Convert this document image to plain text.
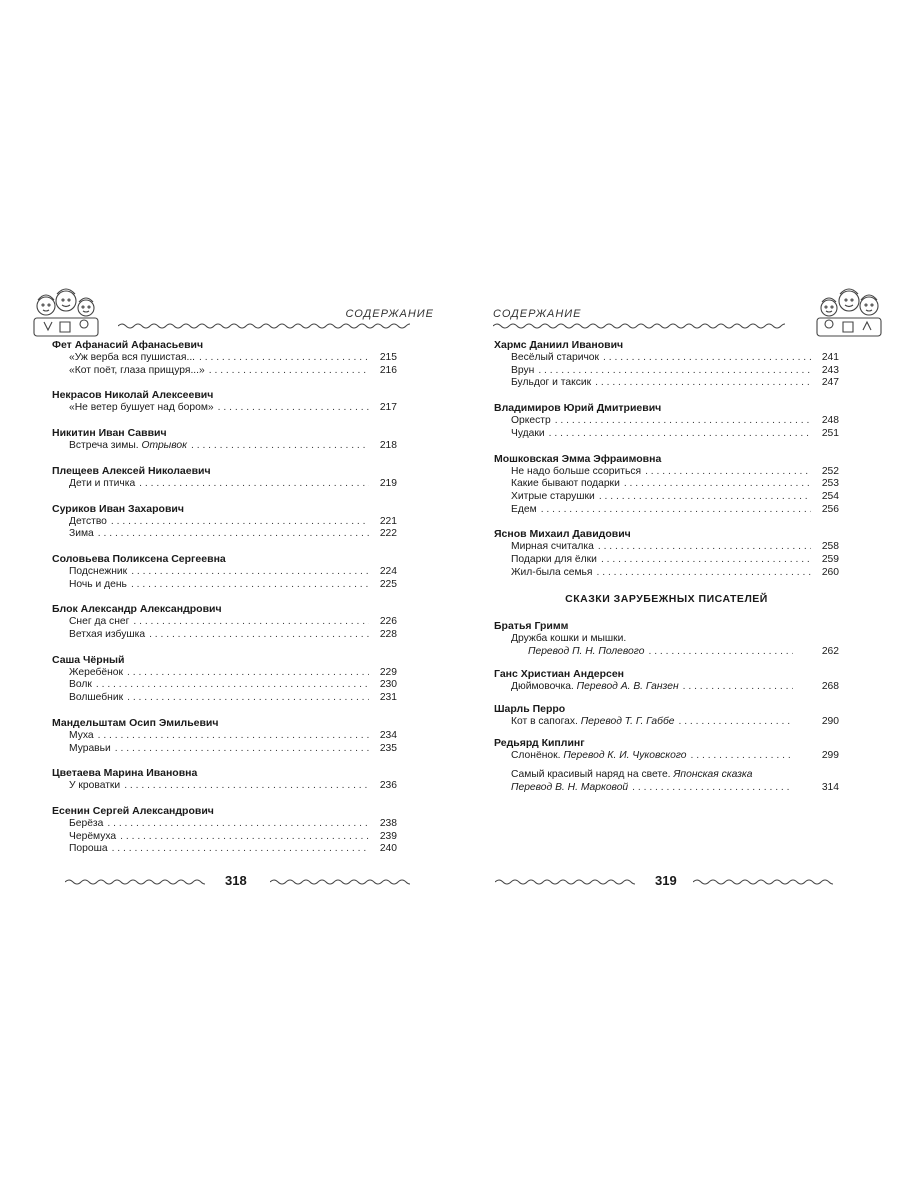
СОДЕРЖАНИЕ
Фет Афанасий Афанасьевич
«Уж верба вся пушистая... . . .	215
«Кот поёт, глаза прищуря...» . . .	216
Некрасов Николай Алексеевич
«Не ветер бушует над бором» . . .	217
Никитин Иван Саввич
Встреча зимы. Отрывок . . .	218
Плещеев Алексей Николаевич
Дети и птичка . . .	219
Суриков Иван Захарович
Детство . . .	221
Зима . . .	222
Соловьева Поликсена Сергеевна
Подснежник . . .	224
Ночь и день . . .	225
Блок Александр Александрович
Снег да снег . . .	226
Ветхая избушка . . .	228
Саша Чёрный
Жеребёнок . . .	229
Волк . . .	230
Волшебник . . .	231
Мандельштам Осип Эмильевич
Муха . . .	234
Муравьи . . .	235
Цветаева Марина Ивановна
У кроватки . . .	236
Есенин Сергей Александрович
Берёза . . .	238
Черёмуха . . .	239
Пороша . . .	240
318
СОДЕРЖАНИЕ
Хармс Даниил Иванович
Весёлый старичок . . .	241
Врун . . .	243
Бульдог и таксик . . .	247
Владимиров Юрий Дмитриевич
Оркестр . . .	248
Чудаки . . .	251
Мошковская Эмма Эфраимовна
Не надо больше ссориться . . .	252
Какие бывают подарки . . .	253
Хитрые старушки . . .	254
Едем . . .	256
Яснов Михаил Давидович
Мирная считалка . . .	258
Подарки для ёлки . . .	259
Жил-была семья . . .	260
СКАЗКИ ЗАРУБЕЖНЫХ ПИСАТЕЛЕЙ
Братья Гримм
Дружба кошки и мышки.
Перевод П. Н. Полевого . . .	262
Ганс Христиан Андерсен
Дюймовочка. Перевод А. В. Ганзен . . .	268
Шарль Перро
Кот в сапогах. Перевод Т. Г. Габбе . . .	290
Редьярд Киплинг
Слонёнок. Перевод К. И. Чуковского . . .	299
Самый красивый наряд на свете. Японская сказка
Перевод В. Н. Марковой . . .	314
319
